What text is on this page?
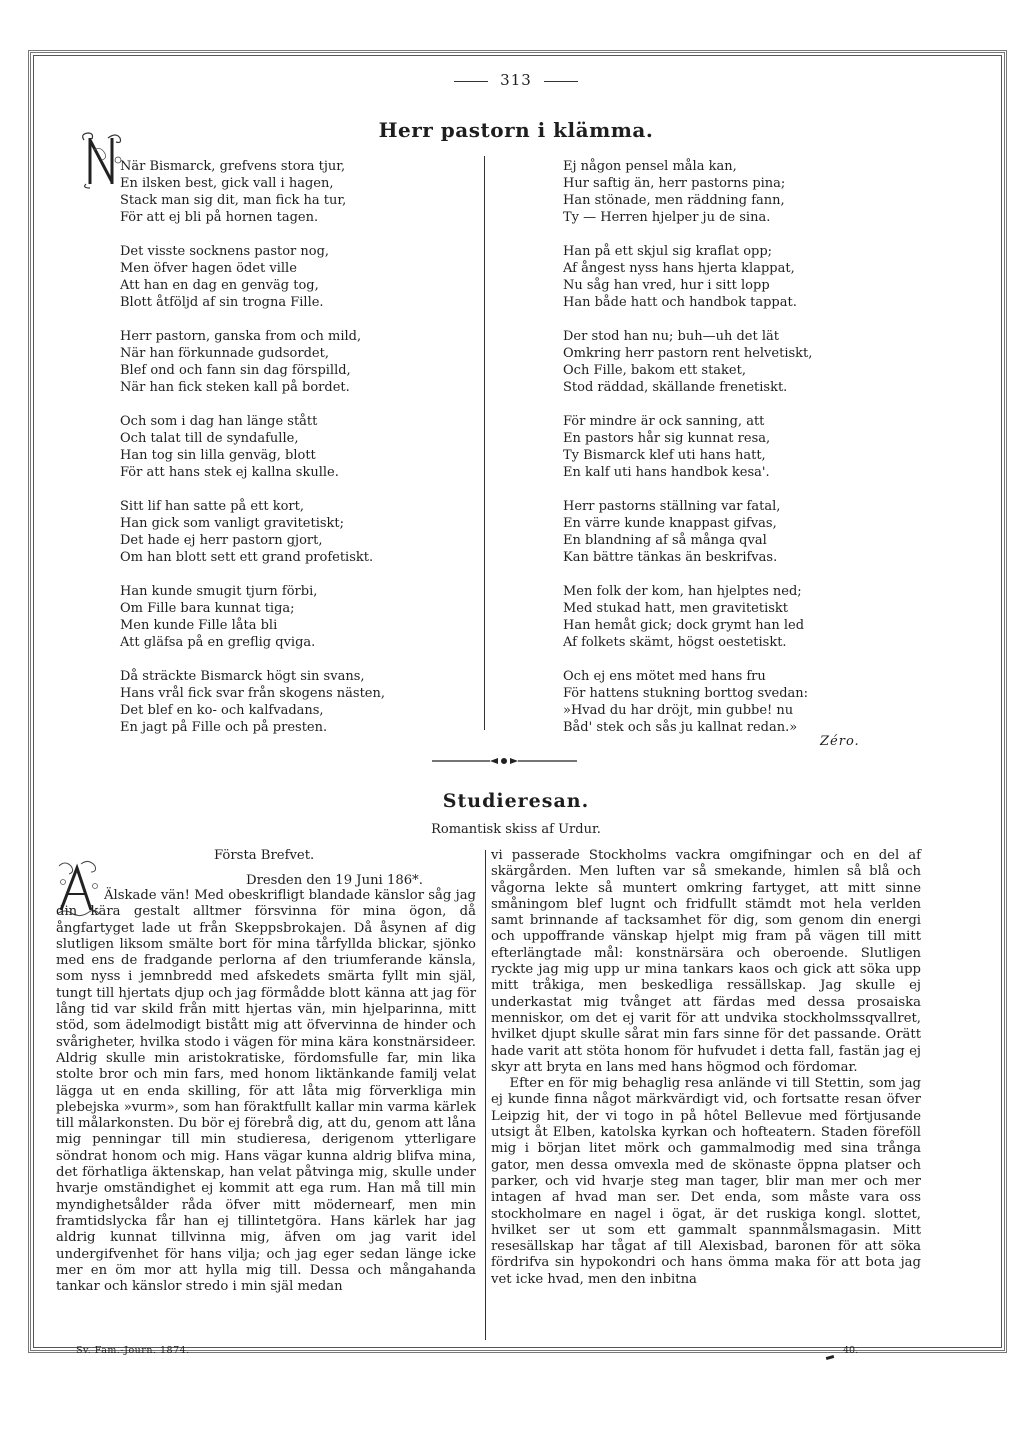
313
Herr pastorn i klämma.
När Bismarck, grefvens stora tjur,
En ilsken best, gick vall i hagen,
Stack man sig dit, man fick ha tur,
För att ej bli på hornen tagen.
Det visste socknens pastor nog,
Men öfver hagen ödet ville
Att han en dag en genväg tog,
Blott åtföljd af sin trogna Fille.
Herr pastorn, ganska from och mild,
När han förkunnade gudsordet,
Blef ond och fann sin dag förspilld,
När han fick steken kall på bordet.
Och som i dag han länge stått
Och talat till de syndafulle,
Han tog sin lilla genväg, blott
För att hans stek ej kallna skulle.
Sitt lif han satte på ett kort,
Han gick som vanligt gravitetiskt;
Det hade ej herr pastorn gjort,
Om han blott sett ett grand profetiskt.
Han kunde smugit tjurn förbi,
Om Fille bara kunnat tiga;
Men kunde Fille låta bli
Att gläfsa på en greflig qviga.
Då sträckte Bismarck högt sin svans,
Hans vrål fick svar från skogens nästen,
Det blef en ko- och kalfvadans,
En jagt på Fille och på presten.
Ej någon pensel måla kan,
Hur saftig än, herr pastorns pina;
Han stönade, men räddning fann,
Ty — Herren hjelper ju de sina.
Han på ett skjul sig kraflat opp;
Af ångest nyss hans hjerta klappat,
Nu såg han vred, hur i sitt lopp
Han både hatt och handbok tappat.
Der stod han nu; buh—uh det lät
Omkring herr pastorn rent helvetiskt,
Och Fille, bakom ett staket,
Stod räddad, skällande frenetiskt.
För mindre är ock sanning, att
En pastors hår sig kunnat resa,
Ty Bismarck klef uti hans hatt,
En kalf uti hans handbok kesa'.
Herr pastorns ställning var fatal,
En värre kunde knappast gifvas,
En blandning af så många qval
Kan bättre tänkas än beskrifvas.
Men folk der kom, han hjelptes ned;
Med stukad hatt, men gravitetiskt
Han hemåt gick; dock grymt han led
Af folkets skämt, högst oestetiskt.
Och ej ens mötet med hans fru
För hattens stukning borttog svedan:
»Hvad du har dröjt, min gubbe! nu
Båd' stek och sås ju kallnat redan.»
Zéro.
Studieresan.
Romantisk skiss af Urdur.
Första Brefvet.
Dresden den 19 Juni 186*.

Älskade vän! Med obeskrifligt blandade känslor såg jag din kära gestalt alltmer försvinna för mina ögon, då ångfartyget lade ut från Skeppsbrokajen. Då åsynen af dig slutligen liksom smälte bort för mina tårfyllda blickar, sjönko med ens de fradgande perlorna af den triumferande känsla, som nyss i jemnbredd med afskedets smärta fyllt min själ, tungt till hjertats djup och jag förmådde blott känna att jag för lång tid var skild från mitt hjertas vän, min hjelparinna, mitt stöd, som ädelmodigt bistått mig att öfvervinna de hinder och svårigheter, hvilka stodo i vägen för mina kära konstnärsideer. Aldrig skulle min aristokratiske, fördomsfulle far, min lika stolte bror och min fars, med honom liktänkande familj velat lägga ut en enda skilling, för att låta mig förverkliga min plebejska »vurm», som han föraktfullt kallar min varma kärlek till målarkonsten. Du bör ej förebrå dig, att du, genom att låna mig penningar till min studieresa, derigenom ytterligare söndrat honom och mig. Hans vägar kunna aldrig blifva mina, det förhatliga äktenskap, han velat påtvinga mig, skulle under hvarje omständighet ej kommit att ega rum. Han må till min myndighetsålder råda öfver mitt mödernearf, men min framtidslycka får han ej tillintetgöra. Hans kärlek har jag aldrig kunnat tillvinna mig, äfven om jag varit idel undergifvenhet för hans vilja; och jag eger sedan länge icke mer en öm mor att hylla mig till. Dessa och mångahanda tankar och känslor stredo i min själ medan

vi passerade Stockholms vackra omgifningar och en del af skärgården. Men luften var så smekande, himlen så blå och vågorna lekte så muntert omkring fartyget, att mitt sinne småningom blef lugnt och fridfullt stämdt mot hela verlden samt brinnande af tacksamhet för dig, som genom din energi och uppoffrande vänskap hjelpt mig fram på vägen till mitt efterlängtade mål: konstnärsära och oberoende. Slutligen ryckte jag mig upp ur mina tankars kaos och gick att söka upp mitt tråkiga, men beskedliga ressällskap. Jag skulle ej underkastat mig tvånget att färdas med dessa prosaiska menniskor, om det ej varit för att undvika stockholmssqvallret, hvilket djupt skulle sårat min fars sinne för det passande. Orätt hade varit att stöta honom för hufvudet i detta fall, fastän jag ej skyr att bryta en lans med hans högmod och fördomar.

Efter en för mig behaglig resa anlände vi till Stettin, som jag ej kunde finna något märkvärdigt vid, och fortsatte resan öfver Leipzig hit, der vi togo in på hôtel Bellevue med förtjusande utsigt åt Elben, katolska kyrkan och hofteatern. Staden föreföll mig i början litet mörk och gammalmodig med sina trånga gator, men dessa omvexla med de skönaste öppna platser och parker, och vid hvarje steg man tager, blir man mer och mer intagen af hvad man ser. Det enda, som måste vara oss stockholmare en nagel i ögat, är det ruskiga kongl. slottet, hvilket ser ut som ett gammalt spannmålsmagasin. Mitt resesällskap har tågat af till Alexisbad, baronen för att söka fördrifva sin hypokondri och hans ömma maka för att bota jag vet icke hvad, men den inbitna

Sv. Fam.-Journ. 1874.	40.
